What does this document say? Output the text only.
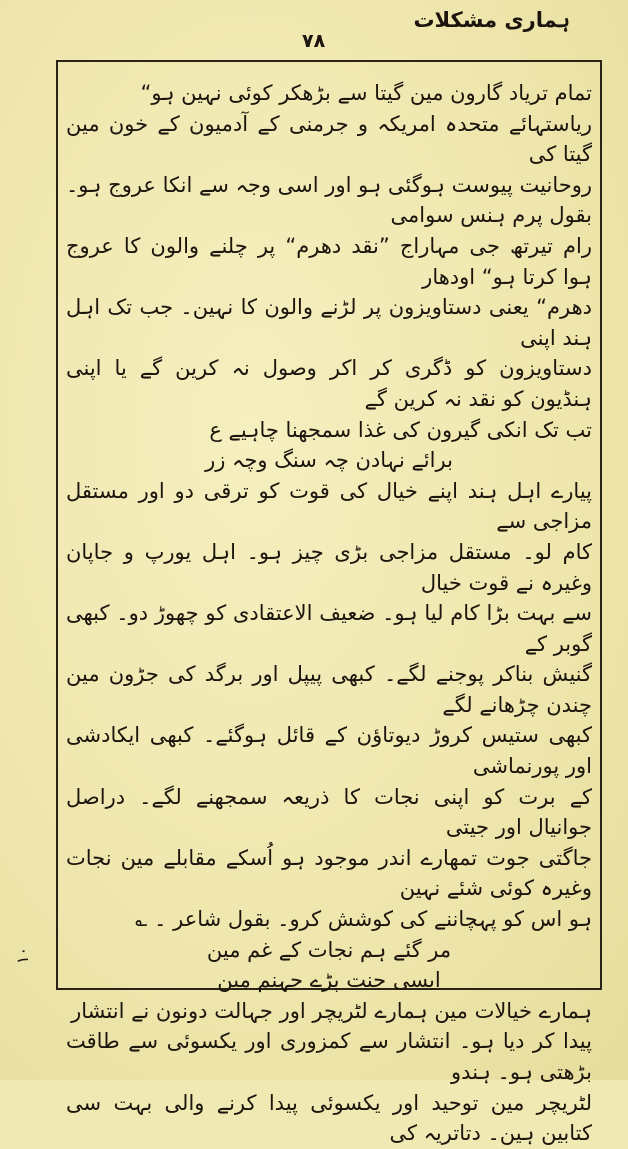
ہماری مشکلات
۷۸

تمام تریاد گارون مین گیتا سے بڑھکر کوئی نہین ہو“

ریاستہائے متحدہ امریکہ و جرمنی کے آدمیون کے خون مین گیتا کی

روحانیت پیوست ہوگئی ہو اور اسی وجہ سے انکا عروج ہو۔ بقول پرم ہنس سوامی

رام تیرتھ جی مہاراج ”نقد دھرم“ پر چلنے والون کا عروج ہوا کرتا ہو“ اودھار

دھرم“ یعنی دستاویزون پر لڑنے والون کا نہین۔ جب تک اہل ہند اپنی

دستاویزون کو ڈگری کر اکر وصول نہ کرین گے یا اپنی ہنڈیون کو نقد نہ کرین گے

تب تک انکی گیرون کی غذا سمجھنا چاہیے ع

برائے نہادن چہ سنگ وچہ زر

پیارے اہل ہند اپنے خیال کی قوت کو ترقی دو اور مستقل مزاجی سے

کام لو۔ مستقل مزاجی بڑی چیز ہو۔ اہل یورپ و جاپان وغیرہ نے قوت خیال

سے بہت بڑا کام لیا ہو۔ ضعیف الاعتقادی کو چھوڑ دو۔ کبھی گوبر کے

گنیش بناکر پوجنے لگے۔ کبھی پیپل اور برگد کی جڑون مین چندن چڑھانے لگے

کبھی ستیس کروڑ دیوتاؤن کے قائل ہوگئے۔ کبھی ایکادشی اور پورنماشی

کے برت کو اپنی نجات کا ذریعہ سمجھنے لگے۔ دراصل جوانیال اور جیتی

جاگتی جوت تمھارے اندر موجود ہو اُسکے مقابلے مین نجات وغیرہ کوئی شئے نہین

ہو اس کو پہچاننے کی کوشش کرو۔ بقول شاعر ۔ ؎

مر گئے ہم نجات کے غم مین

ایسی جنت پڑے جہنم مین

ہمارے خیالات مین ہمارے لٹریچر اور جہالت دونون نے انتشار

پیدا کر دیا ہو۔ انتشار سے کمزوری اور یکسوئی سے طاقت بڑھتی ہو۔ ہندو

لٹریچر مین توحید اور یکسوئی پیدا کرنے والی بہت سی کتابین ہین۔ دتاتریہ کی

۱۰
